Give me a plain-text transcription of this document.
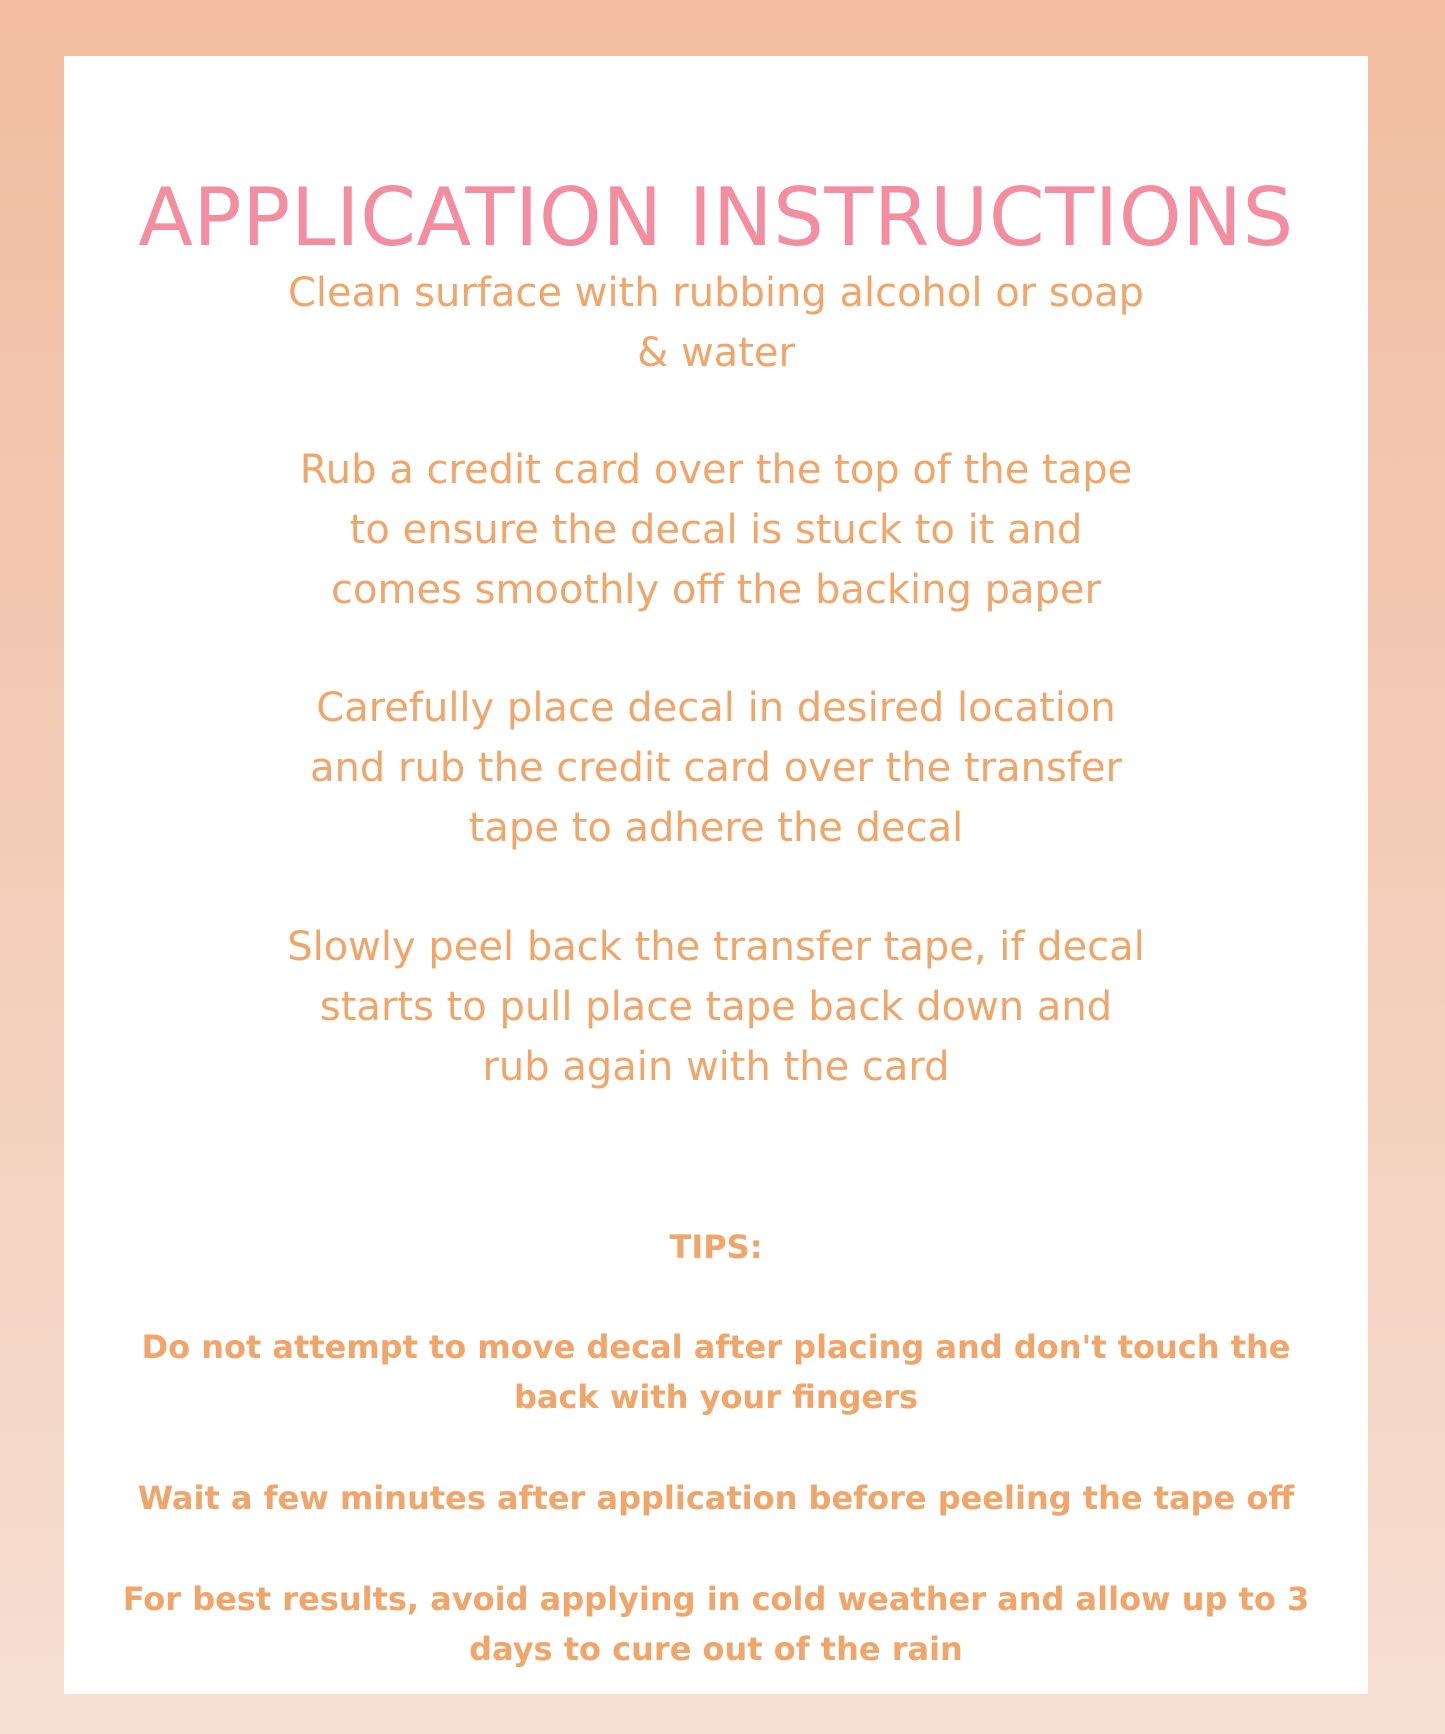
APPLICATION INSTRUCTIONS

Clean surface with rubbing alcohol or soap
& water

Rub a credit card over the top of the tape
to ensure the decal is stuck to it and
comes smoothly off the backing paper

Carefully place decal in desired location
and rub the credit card over the transfer
tape to adhere the decal

Slowly peel back the transfer tape, if decal
starts to pull place tape back down and
rub again with the card

TIPS:

Do not attempt to move decal after placing and don't touch the
back with your fingers

Wait a few minutes after application before peeling the tape off

For best results, avoid applying in cold weather and allow up to 3
days to cure out of the rain
